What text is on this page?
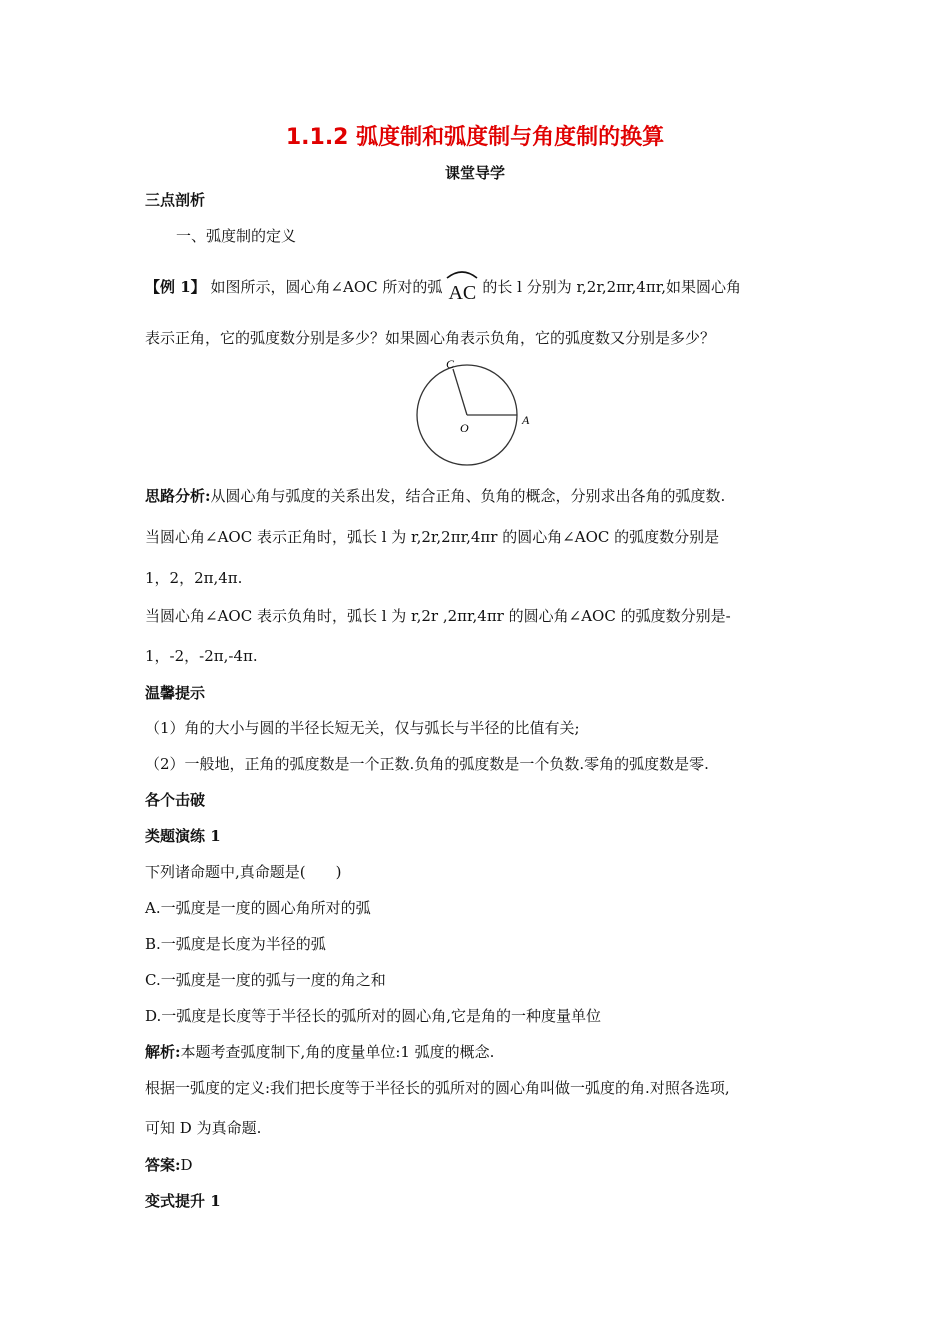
1.1.2 弧度制和弧度制与角度制的换算
课堂导学
三点剖析
一、弧度制的定义
【例 1】 如图所示，圆心角∠AOC 所对的弧 AC 的长 l 分别为 r,2r,2πr,4πr,如果圆心角
表示正角，它的弧度数分别是多少？如果圆心角表示负角，它的弧度数又分别是多少？
C
O
A
思路分析:从圆心角与弧度的关系出发，结合正角、负角的概念，分别求出各角的弧度数.
当圆心角∠AOC 表示正角时，弧长 l 为 r,2r,2πr,4πr 的圆心角∠AOC 的弧度数分别是
1，2，2π,4π.
当圆心角∠AOC 表示负角时，弧长 l 为 r,2r ,2πr,4πr 的圆心角∠AOC 的弧度数分别是-
1，-2，-2π,-4π.
温馨提示
（1）角的大小与圆的半径长短无关，仅与弧长与半径的比值有关;
（2）一般地，正角的弧度数是一个正数.负角的弧度数是一个负数.零角的弧度数是零.
各个击破
类题演练 1
下列诸命题中,真命题是(　　)
A.一弧度是一度的圆心角所对的弧
B.一弧度是长度为半径的弧
C.一弧度是一度的弧与一度的角之和
D.一弧度是长度等于半径长的弧所对的圆心角,它是角的一种度量单位
解析:本题考查弧度制下,角的度量单位:1 弧度的概念.
根据一弧度的定义:我们把长度等于半径长的弧所对的圆心角叫做一弧度的角.对照各选项,
可知 D 为真命题.
答案:D
变式提升 1
